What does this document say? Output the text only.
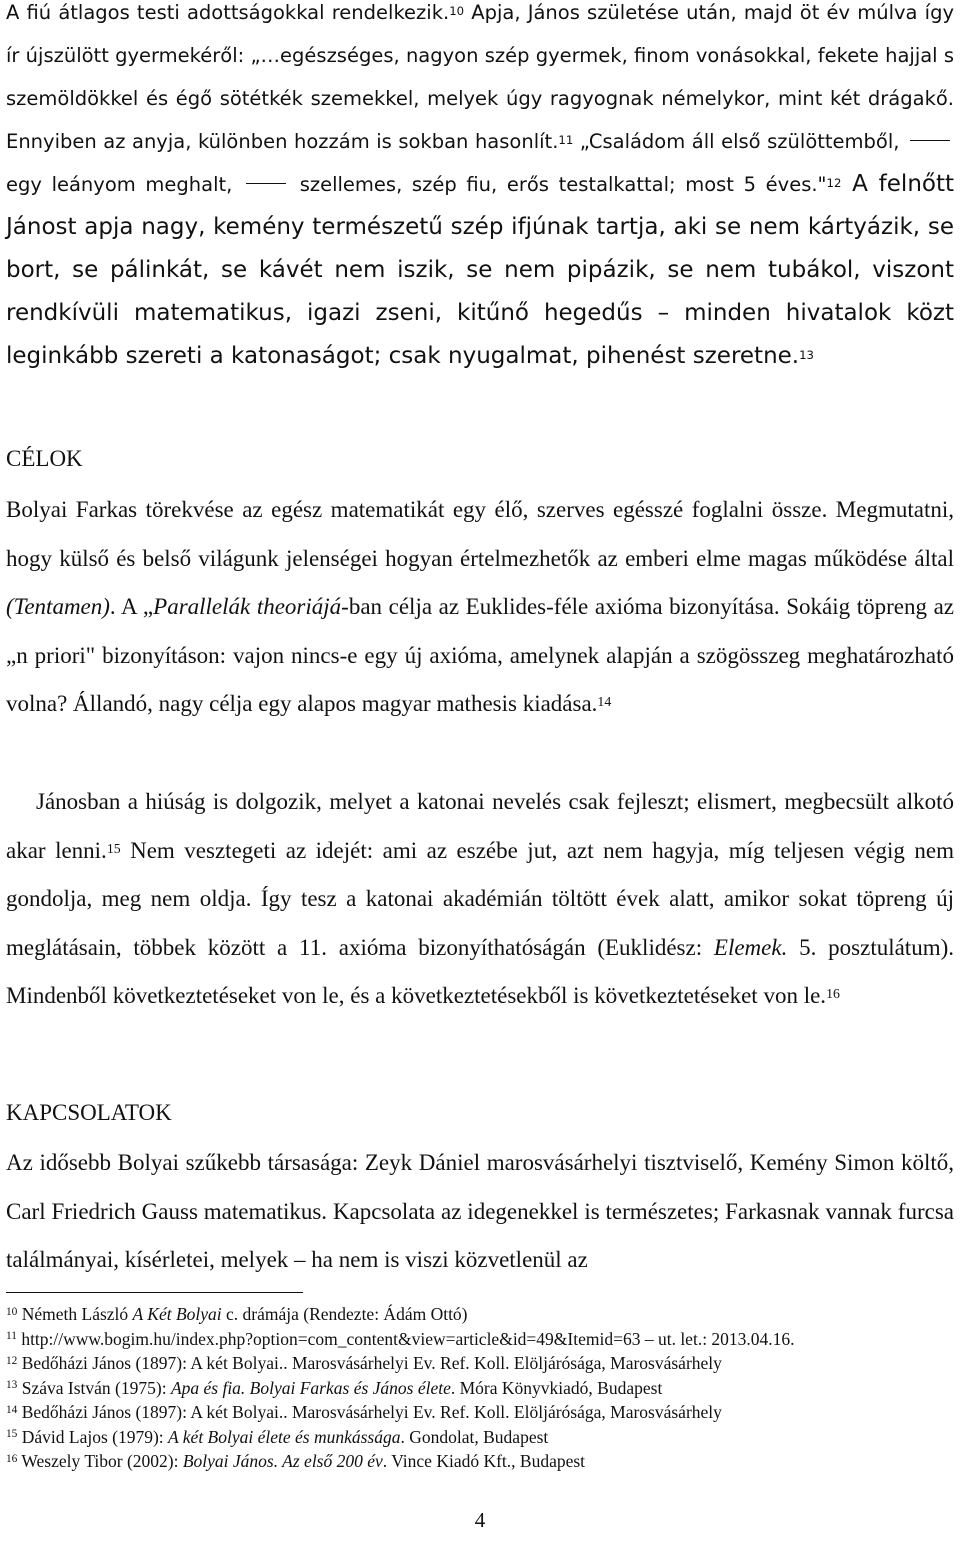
A fiú átlagos testi adottságokkal rendelkezik.$^{10}$ Apja, János születése után, majd öt év múlva így ír újszülött gyermekéről: „…egészséges, nagyon szép gyermek, finom vonásokkal, fekete hajjal s szemöldökkel és égő sötétkék szemekkel, melyek úgy ragyognak némelykor, mint két drágakő. Ennyiben az anyja, különben hozzám is sokban hasonlít.$^{11}$ „Családom áll első szülöttemből,  egy leányom meghalt,	szellemes, szép fiu, erős testalkattal; most 5 éves."$^{12}$ A felnőtt Jánost apja nagy, kemény természetű szép ifjúnak tartja, aki se nem kártyázik, se bort, se pálinkát, se kávét nem iszik, se nem pipázik, se nem tubákol, viszont rendkívüli matematikus, igazi zseni, kitűnő hegedűs – minden hivatalok közt leginkább szereti a katonaságot; csak nyugalmat, pihenést szeretne.$^{13}$

CÉLOK

Bolyai Farkas törekvése az egész matematikát egy élő, szerves egésszé foglalni össze. Megmutatni, hogy külső és belső világunk jelenségei hogyan értelmezhetők az emberi elme magas működése által (Tentamen). A „Parallelák theoriájá-ban célja az Euklides-féle axióma bizonyítása. Sokáig töpreng az „n priori" bizonyításon: vajon nincs-e egy új axióma, amelynek alapján a szögösszeg meghatározható volna? Állandó, nagy célja egy alapos magyar mathesis kiadása.$^{14}$

Jánosban a hiúság is dolgozik, melyet a katonai nevelés csak fejleszt; elismert, megbecsült alkotó akar lenni.$^{15}$ Nem vesztegeti az idejét: ami az eszébe jut, azt nem hagyja, míg teljesen végig nem gondolja, meg nem oldja. Így tesz a katonai akadémián töltött évek alatt, amikor sokat töpreng új meglátásain, többek között a 11. axióma bizonyíthatóságán (Euklidész: Elemek. 5. posztulátum). Mindenből következtetéseket von le, és a következtetésekből is következtetéseket von le.$^{16}$

KAPCSOLATOK

Az idősebb Bolyai szűkebb társasága: Zeyk Dániel marosvásárhelyi tisztviselő, Kemény Simon költő, Carl Friedrich Gauss matematikus. Kapcsolata az idegenekkel is természetes; Farkasnak vannak furcsa találmányai, kísérletei, melyek – ha nem is viszi közvetlenül az

$^{10}$ Németh László A Két Bolyai c. drámája (Rendezte: Ádám Ottó)
$^{11}$ http://www.bogim.hu/index.php?option=com_content&view=article&id=49&Itemid=63 – ut. let.: 2013.04.16.
$^{12}$ Bedőházi János (1897): A két Bolyai.. Marosvásárhelyi Ev. Ref. Koll. Elöljárósága, Marosvásárhely
$^{13}$ Száva István (1975): Apa és fia. Bolyai Farkas és János élete. Móra Könyvkiadó, Budapest
$^{14}$ Bedőházi János (1897): A két Bolyai.. Marosvásárhelyi Ev. Ref. Koll. Elöljárósága, Marosvásárhely
$^{15}$ Dávid Lajos (1979): A két Bolyai élete és munkássága. Gondolat, Budapest
$^{16}$ Weszely Tibor (2002): Bolyai János. Az első 200 év. Vince Kiadó Kft., Budapest
4
